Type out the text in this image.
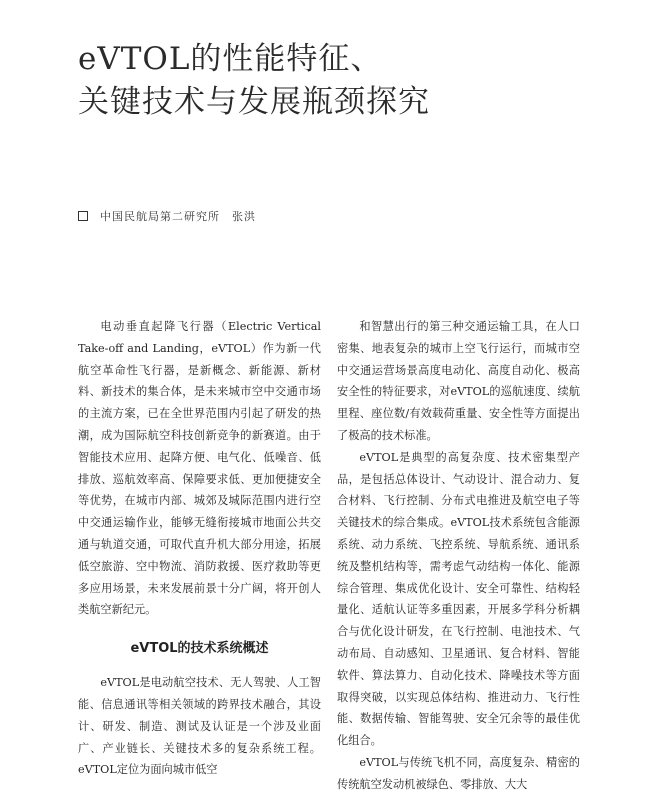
eVTOL的性能特征、
关键技术与发展瓶颈探究
中国民航局第二研究所 张洪

电动垂直起降飞行器（Electric Vertical Take-off and Landing，eVTOL）作为新一代航空革命性飞行器，是新概念、新能源、新材料、新技术的集合体，是未来城市空中交通市场的主流方案，已在全世界范围内引起了研发的热潮，成为国际航空科技创新竞争的新赛道。由于智能技术应用、起降方便、电气化、低噪音、低排放、巡航效率高、保障要求低、更加便捷安全等优势，在城市内部、城郊及城际范围内进行空中交通运输作业，能够无缝衔接城市地面公共交通与轨道交通，可取代直升机大部分用途，拓展低空旅游、空中物流、消防救援、医疗救助等更多应用场景，未来发展前景十分广阔，将开创人类航空新纪元。

eVTOL的技术系统概述

eVTOL是电动航空技术、无人驾驶、人工智能、信息通讯等相关领域的跨界技术融合，其设计、研发、制造、测试及认证是一个涉及业面广、产业链长、关键技术多的复杂系统工程。eVTOL定位为面向城市低空

和智慧出行的第三种交通运输工具，在人口密集、地表复杂的城市上空飞行运行，而城市空中交通运营场景高度电动化、高度自动化、极高安全性的特征要求，对eVTOL的巡航速度、续航里程、座位数/有效载荷重量、安全性等方面提出了极高的技术标准。

eVTOL是典型的高复杂度、技术密集型产品，是包括总体设计、气动设计、混合动力、复合材料、飞行控制、分布式电推进及航空电子等关键技术的综合集成。eVTOL技术系统包含能源系统、动力系统、飞控系统、导航系统、通讯系统及整机结构等，需考虑气动结构一体化、能源综合管理、集成优化设计、安全可靠性、结构轻量化、适航认证等多重因素，开展多学科分析耦合与优化设计研发，在飞行控制、电池技术、气动布局、自动感知、卫星通讯、复合材料、智能软件、算法算力、自动化技术、降噪技术等方面取得突破，以实现总体结构、推进动力、飞行性能、数据传输、智能驾驶、安全冗余等的最佳优化组合。

eVTOL与传统飞机不同，高度复杂、精密的传统航空发动机被绿色、零排放、大大
